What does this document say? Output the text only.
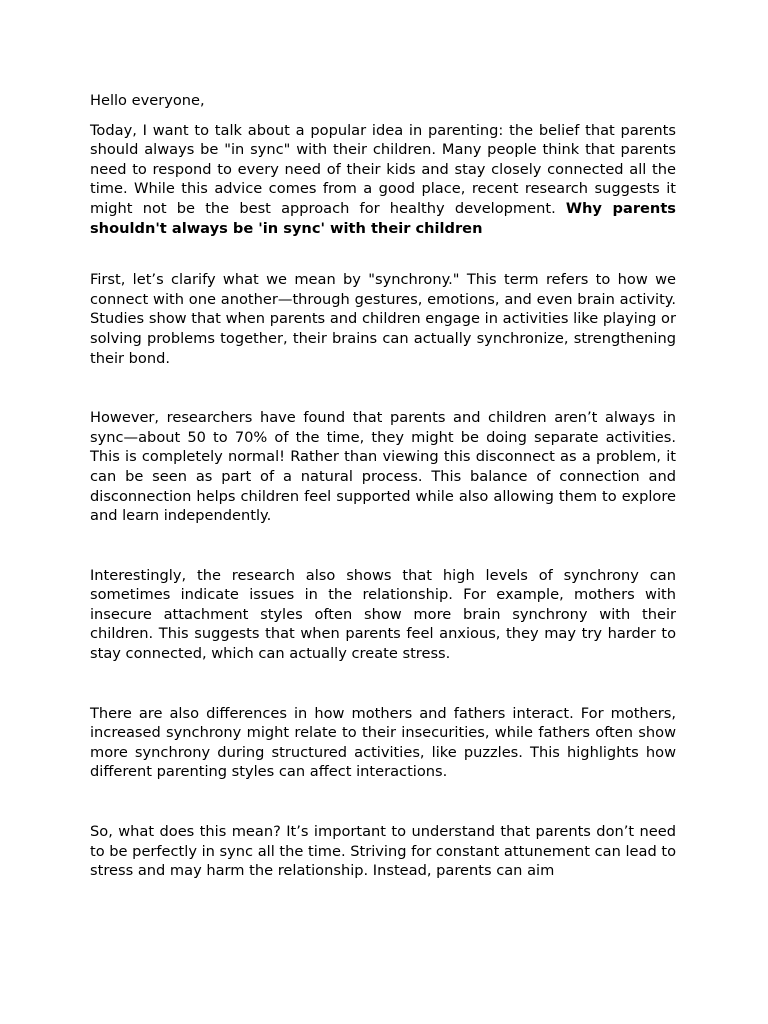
Hello everyone,

Today, I want to talk about a popular idea in parenting: the belief that parents should always be "in sync" with their children. Many people think that parents need to respond to every need of their kids and stay closely connected all the time. While this advice comes from a good place, recent research suggests it might not be the best approach for healthy development. Why parents shouldn't always be 'in sync' with their children

First, let’s clarify what we mean by "synchrony." This term refers to how we connect with one another—through gestures, emotions, and even brain activity. Studies show that when parents and children engage in activities like playing or solving problems together, their brains can actually synchronize, strengthening their bond.

However, researchers have found that parents and children aren’t always in sync—about 50 to 70% of the time, they might be doing separate activities. This is completely normal! Rather than viewing this disconnect as a problem, it can be seen as part of a natural process. This balance of connection and disconnection helps children feel supported while also allowing them to explore and learn independently.

Interestingly, the research also shows that high levels of synchrony can sometimes indicate issues in the relationship. For example, mothers with insecure attachment styles often show more brain synchrony with their children. This suggests that when parents feel anxious, they may try harder to stay connected, which can actually create stress.

There are also differences in how mothers and fathers interact. For mothers, increased synchrony might relate to their insecurities, while fathers often show more synchrony during structured activities, like puzzles. This highlights how different parenting styles can affect interactions.

So, what does this mean? It’s important to understand that parents don’t need to be perfectly in sync all the time. Striving for constant attunement can lead to stress and may harm the relationship. Instead, parents can aim
